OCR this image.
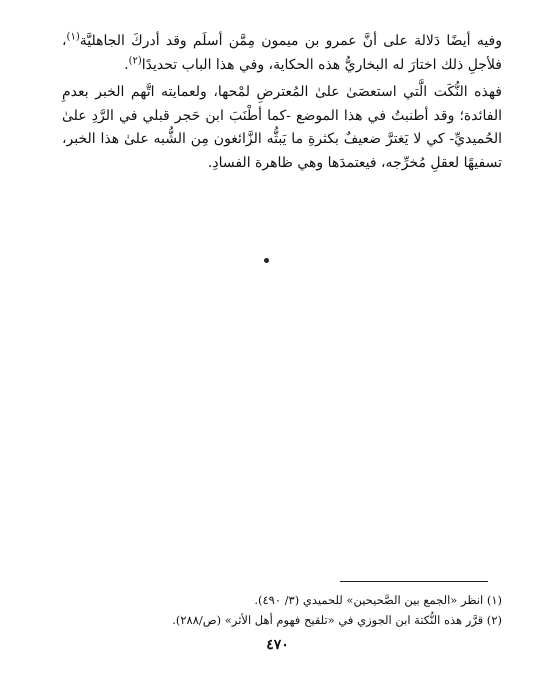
وفيه أيضًا دَلالة على أنَّ عمرو بن ميمون مِمَّن أسلَم وقد أدركَ الجاهليَّة$^{(١)}$، فلأجلِ ذلك اختارَ له البخاريُّ هذه الحكاية، وفي هذا الباب تحديدًا$^{(٢)}$.

فهذه النُّكَت الَّتي استعصَىٰ علىٰ المُعترضِ لمْحها، ولعمايته اتَّهم الخبر بعدمِ الفائدة؛ وقد أطنبتُ في هذا الموضع -كما أطْنَبَ ابن حَجر قبلي في الرَّدِ علىٰ الحُميديِّ- كي لا يَغترَّ ضعيفٌ بكثرةِ ما يَبثُّه الزَّائغون مِن الشُّبه علىٰ هذا الخبر، تسفيهًا لعقلِ مُخرِّجه، فيعتمدَها وهي ظاهرة الفسادِ.

(١) انظر «الجمع بين الصَّحيحين» للحميدي (٣/ ٤٩٠).

(٢) قرَّر هذه النُّكتة ابن الجوزي في «تلقيح فهوم أهل الأثر» (ص/٢٨٨).

٤٧٠
